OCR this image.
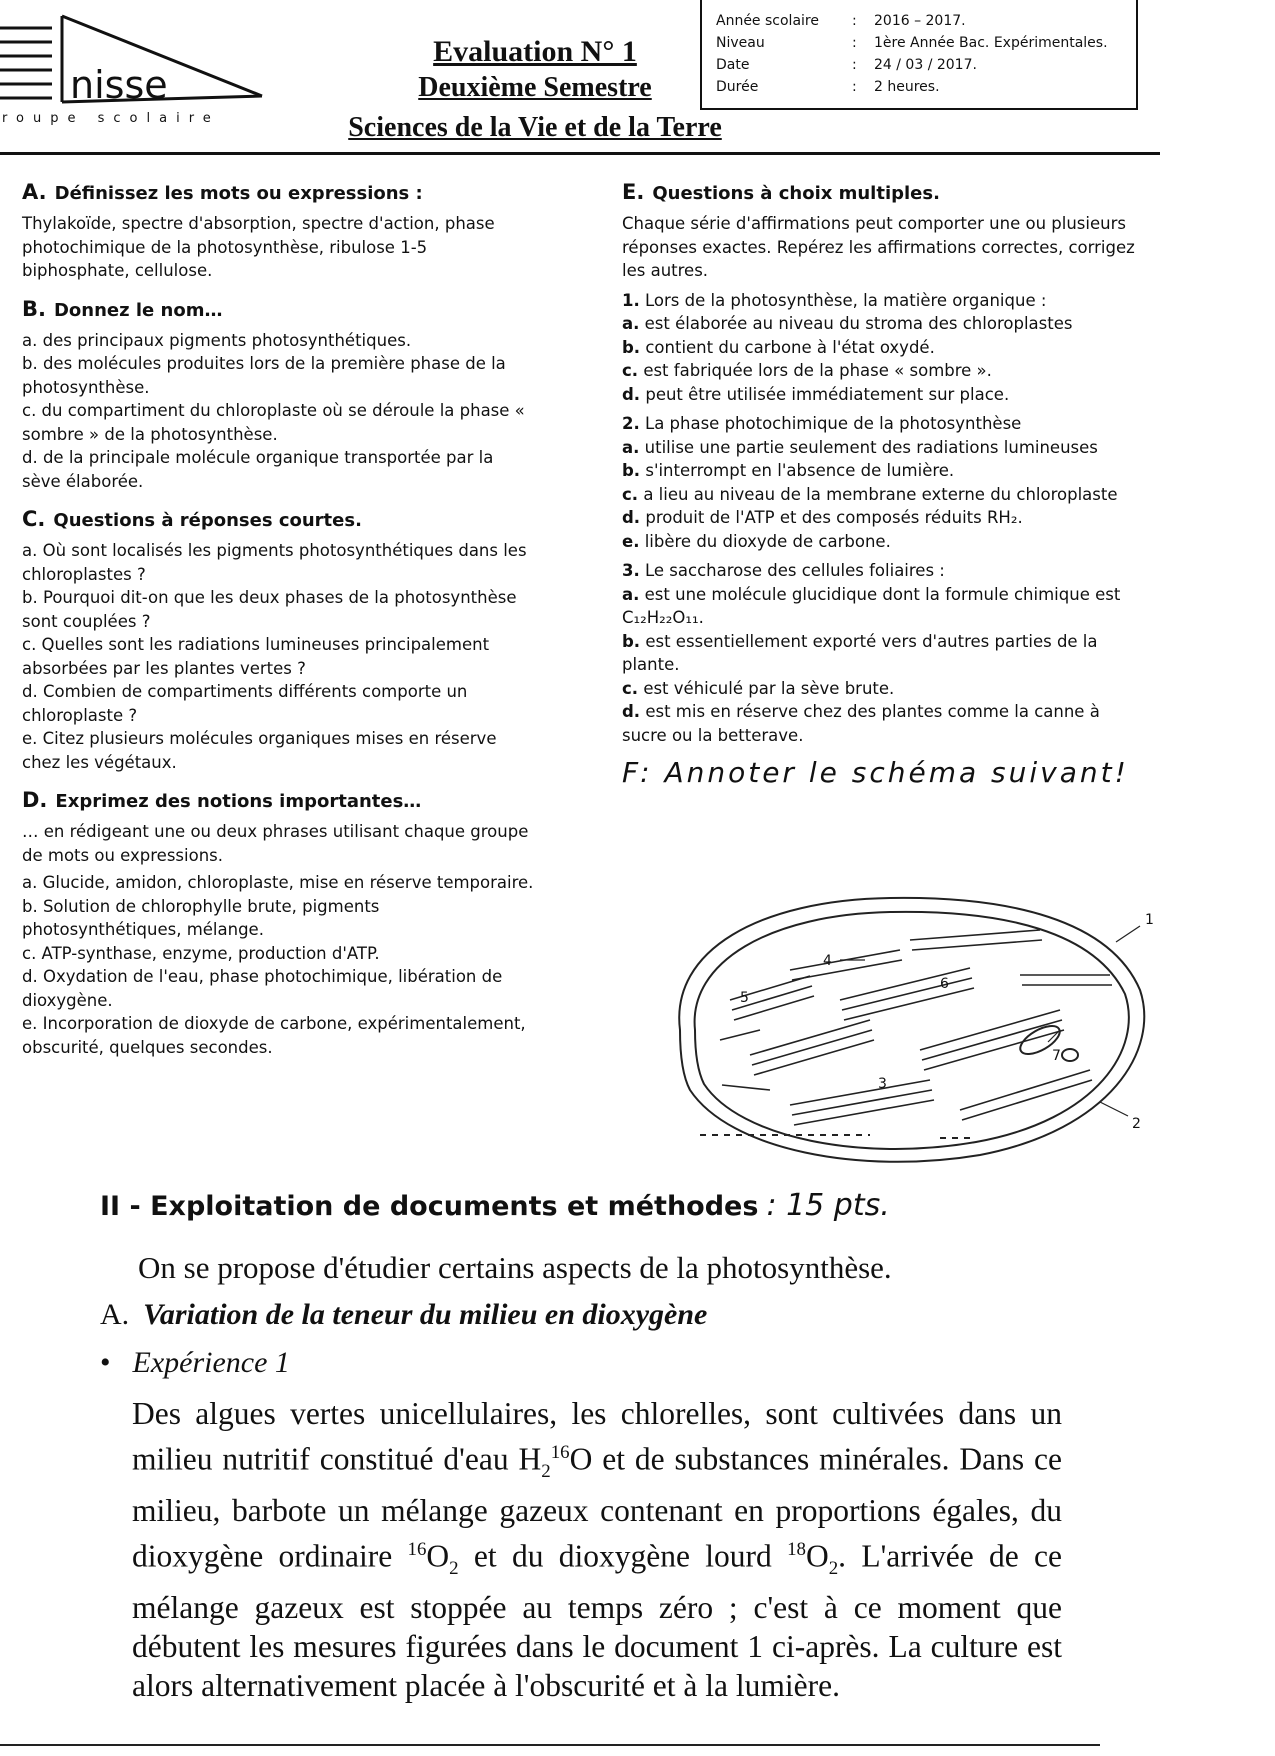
nisse
roupe scolaire
Evaluation N° 1
Deuxième Semestre
Sciences de la Vie et de la Terre
Année scolaire	:	2016 – 2017.
Niveau	:	1ère Année Bac. Expérimentales.
Date	:	24 / 03 / 2017.
Durée	:	2 heures.
A. Définissez les mots ou expressions :

Thylakoïde, spectre d'absorption, spectre d'action, phase photochimique de la photosynthèse, ribulose 1-5 biphosphate, cellulose.

B. Donnez le nom…

a. des principaux pigments photosynthétiques.

b. des molécules produites lors de la première phase de la photosynthèse.

c. du compartiment du chloroplaste où se déroule la phase « sombre » de la photosynthèse.

d. de la principale molécule organique transportée par la sève élaborée.

C. Questions à réponses courtes.

a. Où sont localisés les pigments photosynthétiques dans les chloroplastes ?

b. Pourquoi dit-on que les deux phases de la photosynthèse sont couplées ?

c. Quelles sont les radiations lumineuses principalement absorbées par les plantes vertes ?

d. Combien de compartiments différents comporte un chloroplaste ?

e. Citez plusieurs molécules organiques mises en réserve chez les végétaux.

D. Exprimez des notions importantes…

… en rédigeant une ou deux phrases utilisant chaque groupe de mots ou expressions.

a. Glucide, amidon, chloroplaste, mise en réserve temporaire.

b. Solution de chlorophylle brute, pigments photosynthétiques, mélange.

c. ATP-synthase, enzyme, production d'ATP.

d. Oxydation de l'eau, phase photochimique, libération de dioxygène.

e. Incorporation de dioxyde de carbone, expérimentalement, obscurité, quelques secondes.

E. Questions à choix multiples.

Chaque série d'affirmations peut comporter une ou plusieurs réponses exactes. Repérez les affirmations correctes, corrigez les autres.

1. Lors de la photosynthèse, la matière organique :

a. est élaborée au niveau du stroma des chloroplastes

b. contient du carbone à l'état oxydé.

c. est fabriquée lors de la phase « sombre ».

d. peut être utilisée immédiatement sur place.

2. La phase photochimique de la photosynthèse

a. utilise une partie seulement des radiations lumineuses

b. s'interrompt en l'absence de lumière.

c. a lieu au niveau de la membrane externe du chloroplaste

d. produit de l'ATP et des composés réduits RH₂.

e. libère du dioxyde de carbone.

3. Le saccharose des cellules foliaires :

a. est une molécule glucidique dont la formule chimique est C₁₂H₂₂O₁₁.

b. est essentiellement exporté vers d'autres parties de la plante.

c. est véhiculé par la sève brute.

d. est mis en réserve chez des plantes comme la canne à sucre ou la betterave.

F: Annoter le schéma suivant!
1
2
3
4
5
6
7
II - Exploitation de documents et méthodes : 15 pts.
On se propose d'étudier certains aspects de la photosynthèse.
A. Variation de la teneur du milieu en dioxygène
• Expérience 1
Des algues vertes unicellulaires, les chlorelles, sont cultivées dans un milieu nutritif constitué d'eau $H_2^{16}O$ et de substances minérales. Dans ce milieu, barbote un mélange gazeux contenant en proportions égales, du dioxygène ordinaire $^{16}O_2$ et du dioxygène lourd $^{18}O_2$. L'arrivée de ce mélange gazeux est stoppée au temps zéro ; c'est à ce moment que débutent les mesures figurées dans le document 1 ci-après. La culture est alors alternativement placée à l'obscurité et à la lumière.
